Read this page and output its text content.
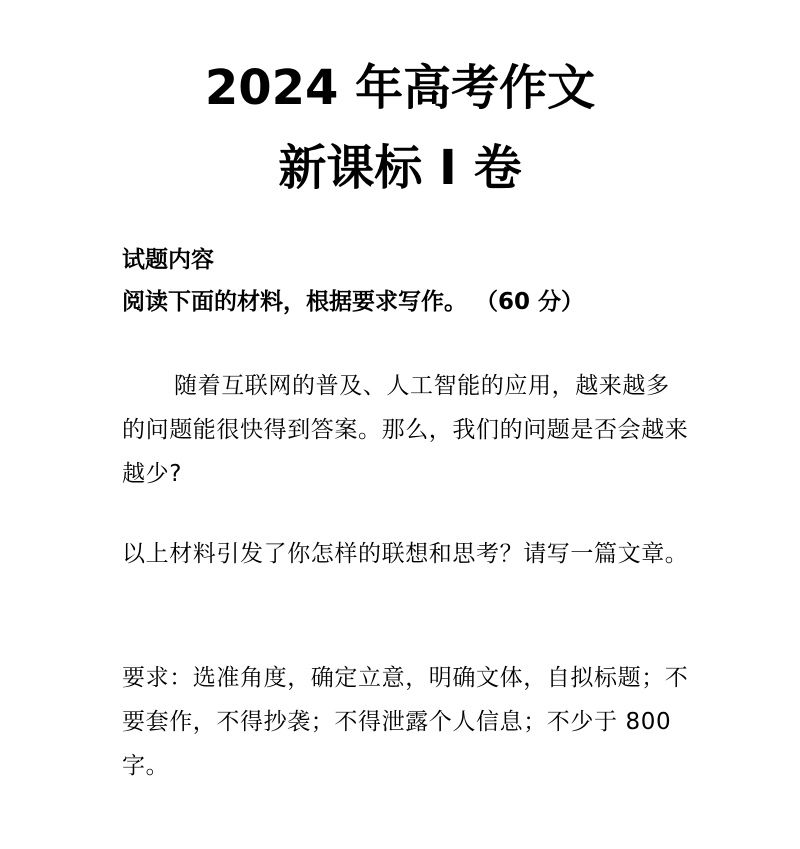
2024 年高考作文
新课标 I 卷
试题内容
阅读下面的材料，根据要求写作。 （60 分）
随着互联网的普及、人工智能的应用，越来越多的问题能很快得到答案。那么，我们的问题是否会越来越少?
以上材料引发了你怎样的联想和思考？请写一篇文章。
要求：选准角度，确定立意，明确文体，自拟标题；不要套作，不得抄袭；不得泄露个人信息；不少于 800 字。
